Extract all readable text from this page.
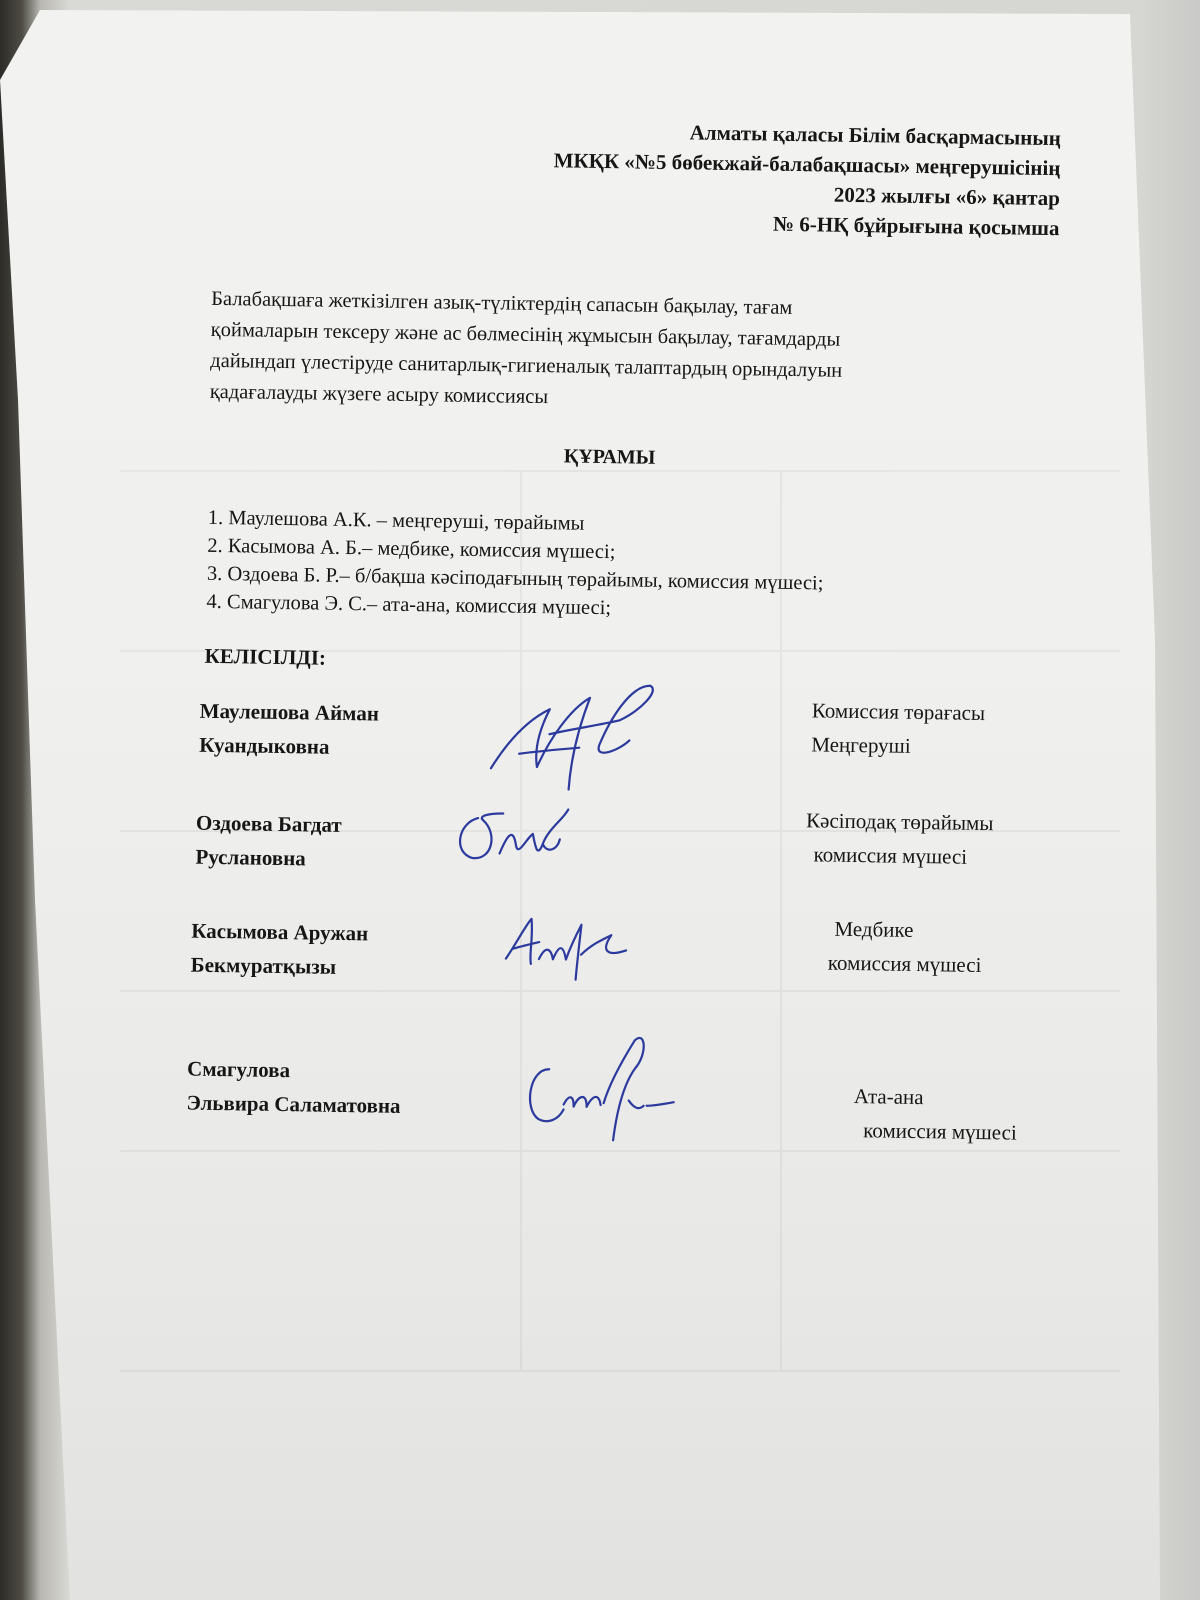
Алматы қаласы Білім басқармасының
МКҚК «№5 бөбекжай-балабақшасы» меңгерушісінің
2023 жылғы «6» қантар
№ 6-НҚ бұйрығына қосымша
Балабақшаға жеткізілген азық-түліктердің сапасын бақылау, тағам
қоймаларын тексеру және ас бөлмесінің жұмысын бақылау, тағамдарды
дайындап үлестіруде санитарлық-гигиеналық талаптардың орындалуын
қадағалауды жүзеге асыру комиссиясы
ҚҰРАМЫ
1. Маулешова А.К. – меңгеруші, төрайымы
2. Касымова А. Б.– медбике, комиссия мүшесі;
3. Оздоева Б. Р.– б/бақша кәсіподағының төрайымы, комиссия мүшесі;
4. Смагулова Э. С.– ата-ана, комиссия мүшесі;
КЕЛІСІЛДІ:
Маулешова Айман
Куандыковна
Комиссия төрағасы
Меңгеруші
Оздоева Багдат
Руслановна
Кәсіподақ төрайымы
комиссия мүшесі
Касымова Аружан
Бекмуратқызы
Медбике
комиссия мүшесі
Смагулова
Эльвира Саламатовна	Ата-ана
комиссия мүшесі
